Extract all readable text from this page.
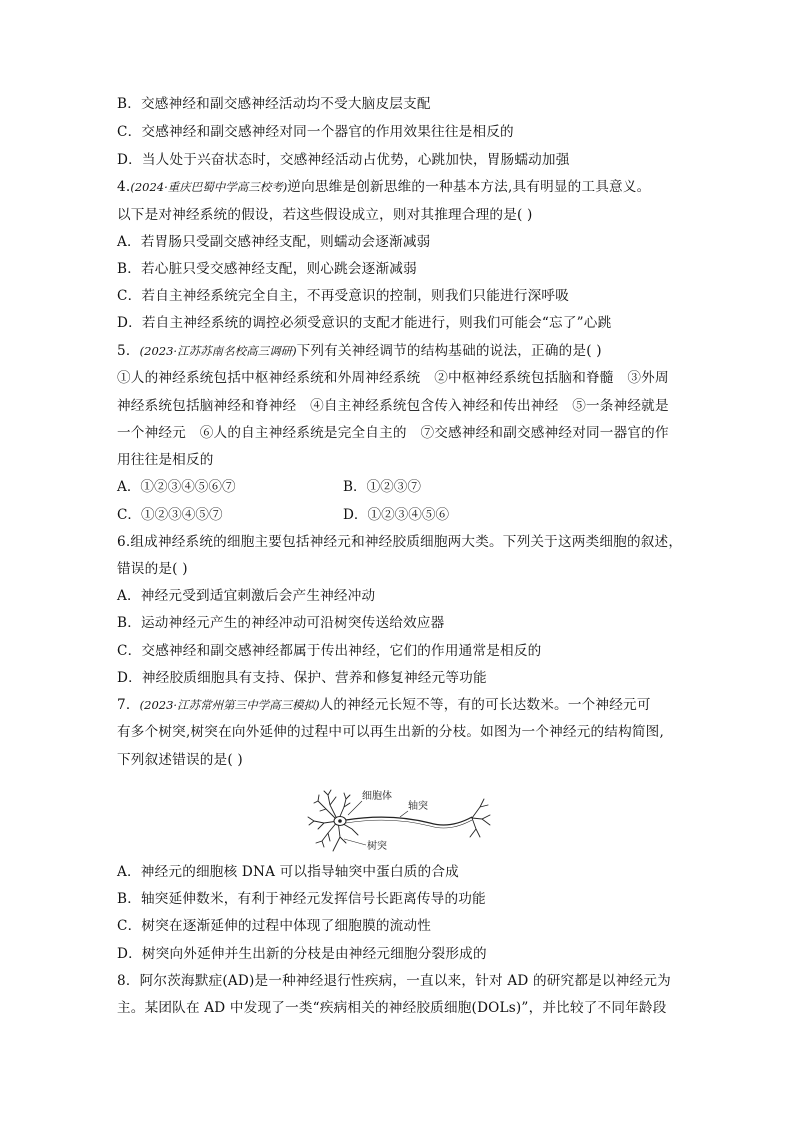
B．交感神经和副交感神经活动均不受大脑皮层支配
C．交感神经和副交感神经对同一个器官的作用效果往往是相反的
D．当人处于兴奋状态时，交感神经活动占优势，心跳加快，胃肠蠕动加强
4.(2024·重庆巴蜀中学高三校考)逆向思维是创新思维的一种基本方法,具有明显的工具意义。
以下是对神经系统的假设，若这些假设成立，则对其推理合理的是( )
A．若胃肠只受副交感神经支配，则蠕动会逐渐减弱
B．若心脏只受交感神经支配，则心跳会逐渐减弱
C．若自主神经系统完全自主，不再受意识的控制，则我们只能进行深呼吸
D．若自主神经系统的调控必须受意识的支配才能进行，则我们可能会“忘了”心跳
5．(2023·江苏苏南名校高三调研)下列有关神经调节的结构基础的说法，正确的是( )
①人的神经系统包括中枢神经系统和外周神经系统　②中枢神经系统包括脑和脊髓　③外周
神经系统包括脑神经和脊神经　④自主神经系统包含传入神经和传出神经　⑤一条神经就是
一个神经元　⑥人的自主神经系统是完全自主的　⑦交感神经和副交感神经对同一器官的作
用往往是相反的
A．①②③④⑤⑥⑦	B．①②③⑦
C．①②③④⑤⑦	D．①②③④⑤⑥
6.组成神经系统的细胞主要包括神经元和神经胶质细胞两大类。下列关于这两类细胞的叙述，
错误的是( )
A．神经元受到适宜刺激后会产生神经冲动
B．运动神经元产生的神经冲动可沿树突传送给效应器
C．交感神经和副交感神经都属于传出神经，它们的作用通常是相反的
D．神经胶质细胞具有支持、保护、营养和修复神经元等功能
7．(2023·江苏常州第三中学高三模拟)人的神经元长短不等，有的可长达数米。一个神经元可
有多个树突,树突在向外延伸的过程中可以再生出新的分枝。如图为一个神经元的结构简图,
下列叙述错误的是( )
细胞体
轴突
树突
A．神经元的细胞核 DNA 可以指导轴突中蛋白质的合成
B．轴突延伸数米，有利于神经元发挥信号长距离传导的功能
C．树突在逐渐延伸的过程中体现了细胞膜的流动性
D．树突向外延伸并生出新的分枝是由神经元细胞分裂形成的
8．阿尔茨海默症(AD)是一种神经退行性疾病，一直以来，针对 AD 的研究都是以神经元为
主。某团队在 AD 中发现了一类“疾病相关的神经胶质细胞(DOLs)”，并比较了不同年龄段
